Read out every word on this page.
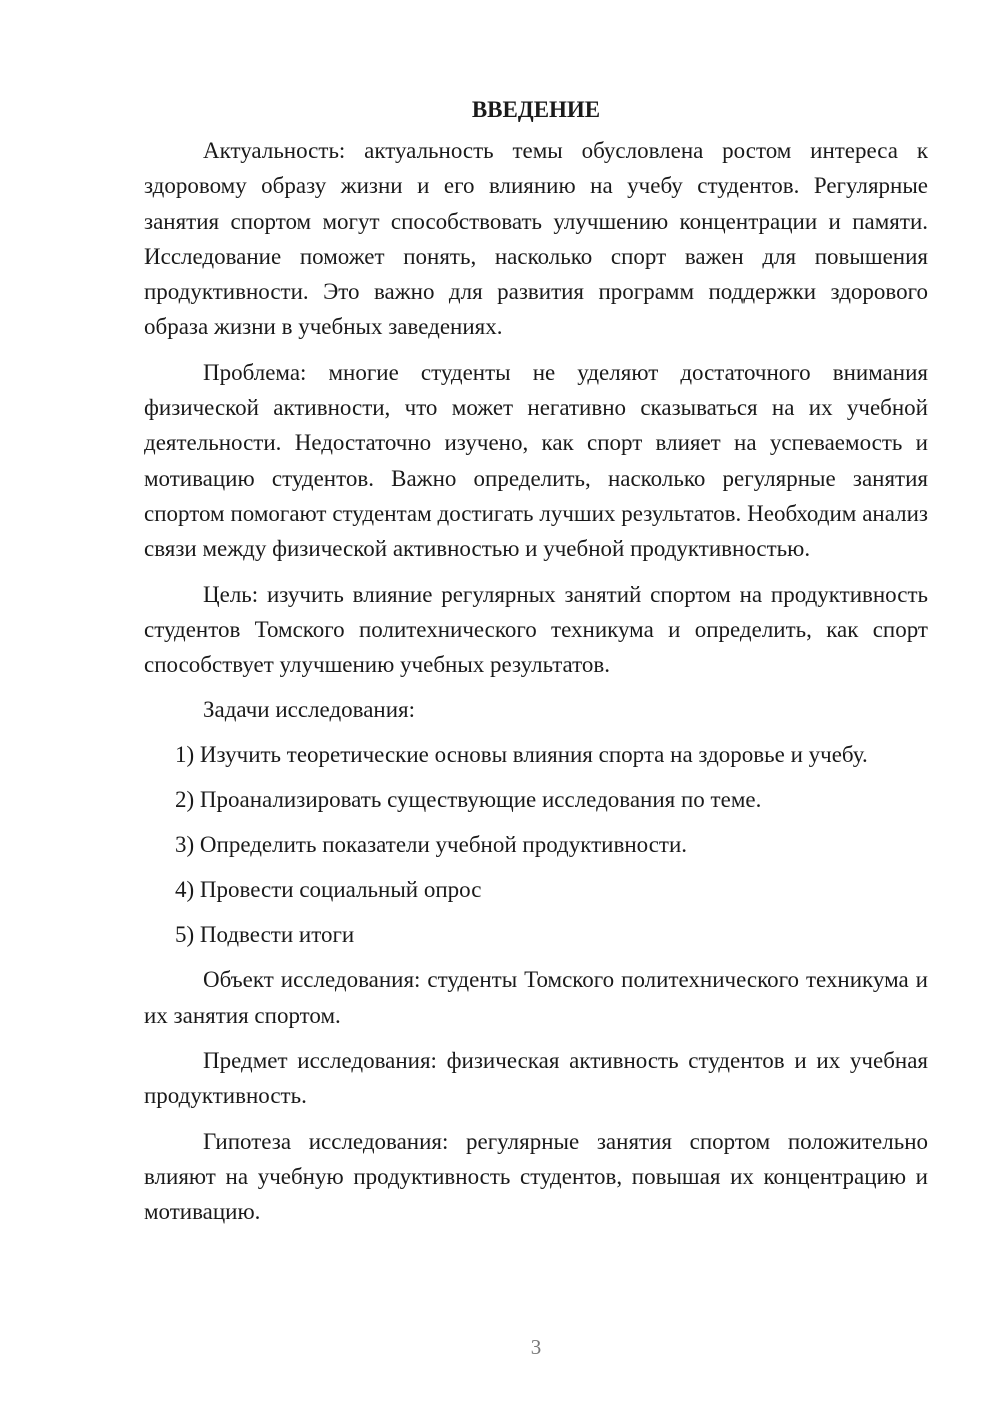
ВВЕДЕНИЕ

Актуальность: актуальность темы обусловлена ростом интереса к здоровому образу жизни и его влиянию на учебу студентов. Регулярные занятия спортом могут способствовать улучшению концентрации и памяти. Исследование поможет понять, насколько спорт важен для повышения продуктивности. Это важно для развития программ поддержки здорового образа жизни в учебных заведениях.

Проблема: многие студенты не уделяют достаточного внимания физической активности, что может негативно сказываться на их учебной деятельности. Недостаточно изучено, как спорт влияет на успеваемость и мотивацию студентов. Важно определить, насколько регулярные занятия спортом помогают студентам достигать лучших результатов. Необходим анализ связи между физической активностью и учебной продуктивностью.

Цель: изучить влияние регулярных занятий спортом на продуктивность студентов Томского политехнического техникума и определить, как спорт способствует улучшению учебных результатов.

Задачи исследования:
1) Изучить теоретические основы влияния спорта на здоровье и учебу.
2) Проанализировать существующие исследования по теме.
3) Определить показатели учебной продуктивности.
4) Провести социальный опрос
5) Подвести итоги

Объект исследования: студенты Томского политехнического техникума и их занятия спортом.

Предмет исследования: физическая активность студентов и их учебная продуктивность.

Гипотеза исследования: регулярные занятия спортом положительно влияют на учебную продуктивность студентов, повышая их концентрацию и мотивацию.

3
